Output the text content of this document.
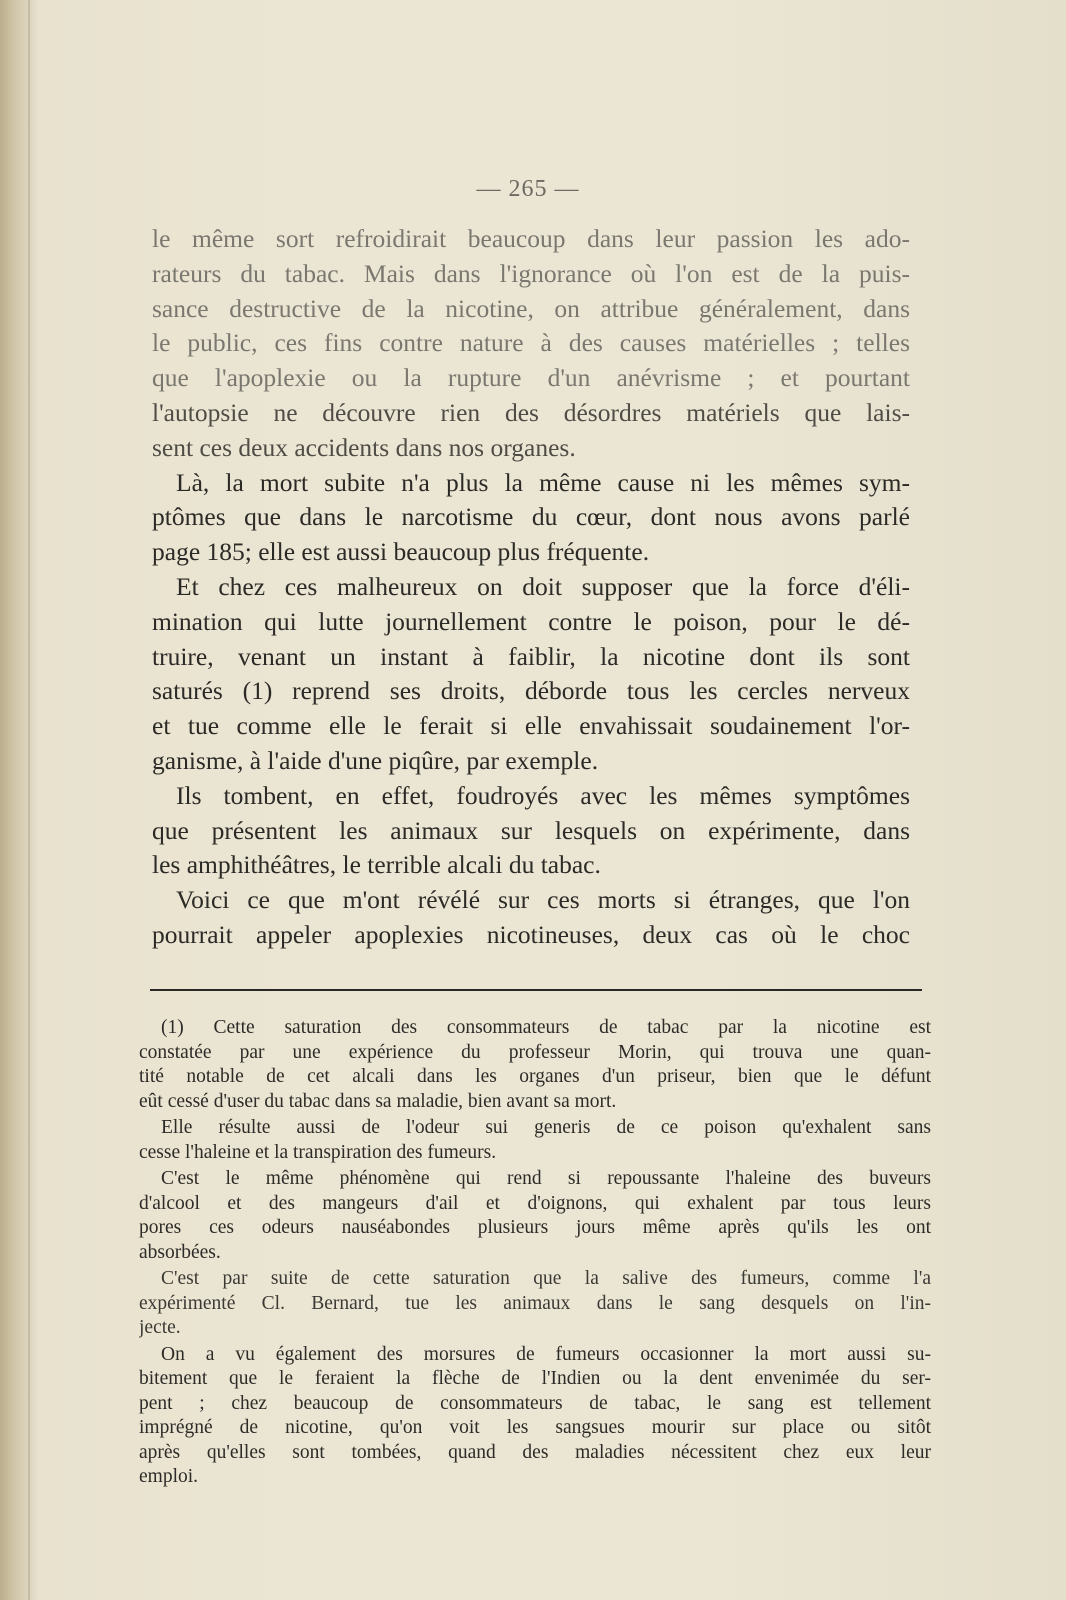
— 265 —
le même sort refroidirait beaucoup dans leur passion les ado-
rateurs du tabac. Mais dans l'ignorance où l'on est de la puis-
sance destructive de la nicotine, on attribue généralement, dans
le public, ces fins contre nature à des causes matérielles ; telles
que l'apoplexie ou la rupture d'un anévrisme ; et pourtant
l'autopsie ne découvre rien des désordres matériels que lais-
sent ces deux accidents dans nos organes.
Là, la mort subite n'a plus la même cause ni les mêmes sym-
ptômes que dans le narcotisme du cœur, dont nous avons parlé
page 185; elle est aussi beaucoup plus fréquente.
Et chez ces malheureux on doit supposer que la force d'éli-
mination qui lutte journellement contre le poison, pour le dé-
truire, venant un instant à faiblir, la nicotine dont ils sont
saturés (1) reprend ses droits, déborde tous les cercles nerveux
et tue comme elle le ferait si elle envahissait soudainement l'or-
ganisme, à l'aide d'une piqûre, par exemple.
Ils tombent, en effet, foudroyés avec les mêmes symptômes
que présentent les animaux sur lesquels on expérimente, dans
les amphithéâtres, le terrible alcali du tabac.
Voici ce que m'ont révélé sur ces morts si étranges, que l'on
pourrait appeler apoplexies nicotineuses, deux cas où le choc
(1) Cette saturation des consommateurs de tabac par la nicotine est
constatée par une expérience du professeur Morin, qui trouva une quan-
tité notable de cet alcali dans les organes d'un priseur, bien que le défunt
eût cessé d'user du tabac dans sa maladie, bien avant sa mort.
Elle résulte aussi de l'odeur sui generis de ce poison qu'exhalent sans
cesse l'haleine et la transpiration des fumeurs.
C'est le même phénomène qui rend si repoussante l'haleine des buveurs
d'alcool et des mangeurs d'ail et d'oignons, qui exhalent par tous leurs
pores ces odeurs nauséabondes plusieurs jours même après qu'ils les ont
absorbées.
C'est par suite de cette saturation que la salive des fumeurs, comme l'a
expérimenté Cl. Bernard, tue les animaux dans le sang desquels on l'in-
jecte.
On a vu également des morsures de fumeurs occasionner la mort aussi su-
bitement que le feraient la flèche de l'Indien ou la dent envenimée du ser-
pent ; chez beaucoup de consommateurs de tabac, le sang est tellement
imprégné de nicotine, qu'on voit les sangsues mourir sur place ou sitôt
après qu'elles sont tombées, quand des maladies nécessitent chez eux leur
emploi.
